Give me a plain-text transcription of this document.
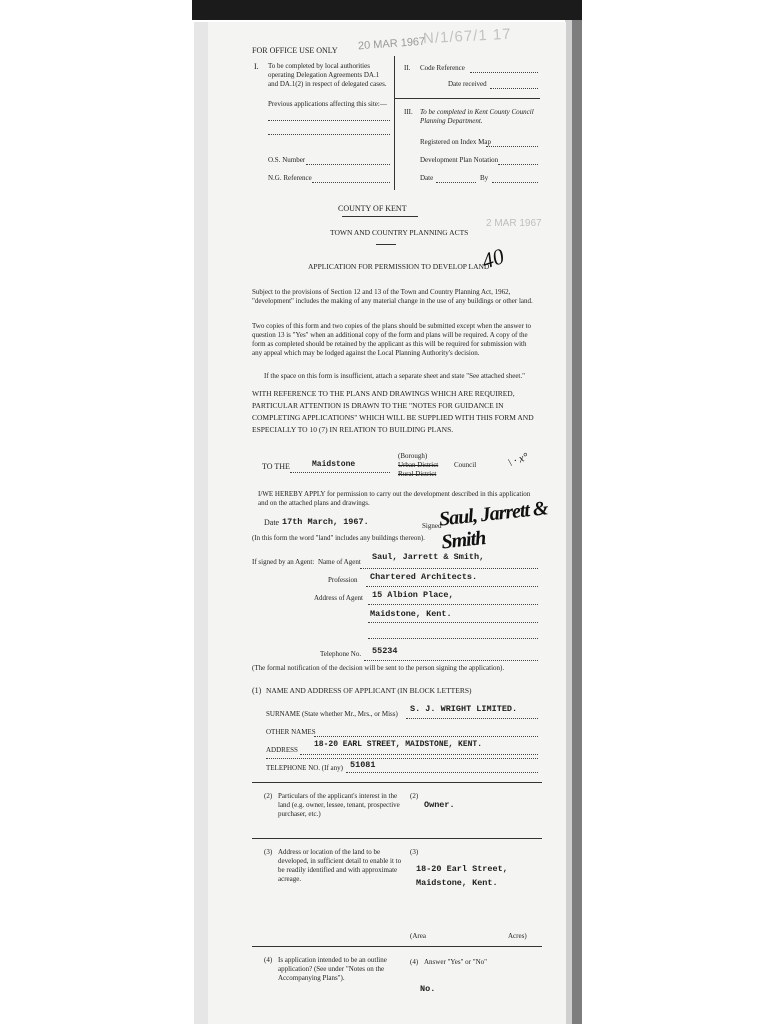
FOR OFFICE USE ONLY 20 MAR 1967
N/1/67/1 17
I. To be completed by local authorities operating Delegation Agreements DA.1 and DA.1(2) in respect of delegated cases.
Previous applications affecting this site:—
O.S. Number
N.G. Reference
II. Code Reference
Date received
III. To be completed in Kent County Council Planning Department.
Registered on Index Map
Development Plan Notation
Date	By
COUNTY OF KENT
2 MAR 1967
TOWN AND COUNTRY PLANNING ACTS
APPLICATION FOR PERMISSION TO DEVELOP LAND
40
Subject to the provisions of Section 12 and 13 of the Town and Country Planning Act, 1962, "development" includes the making of any material change in the use of any buildings or other land.
Two copies of this form and two copies of the plans should be submitted except when the answer to question 13 is "Yes" when an additional copy of the form and plans will be required. A copy of the form as completed should be retained by the applicant as this will be required for submission with any appeal which may be lodged against the Local Planning Authority's decision.
If the space on this form is insufficient, attach a separate sheet and state "See attached sheet."
WITH REFERENCE TO THE PLANS AND DRAWINGS WHICH ARE REQUIRED, PARTICULAR ATTENTION IS DRAWN TO THE "NOTES FOR GUIDANCE IN COMPLETING APPLICATIONS" WHICH WILL BE SUPPLIED WITH THIS FORM AND ESPECIALLY TO 10 (7) IN RELATION TO BUILDING PLANS.
TO THE	Maidstone
(Borough)
Urban District
Rural District
Council	\ · x°
I/WE HEREBY APPLY for permission to carry out the development described in this application and on the attached plans and drawings.
Date 17th March, 1967.	Signed
Saul, Jarrett & Smith
(In this form the word "land" includes any buildings thereon).
If signed by an Agent: Name of Agent Saul, Jarrett & Smith,
Profession Chartered Architects.
Address of Agent 15 Albion Place,
Maidstone, Kent.
Telephone No. 55234
(The formal notification of the decision will be sent to the person signing the application).
(1) NAME AND ADDRESS OF APPLICANT (IN BLOCK LETTERS)
SURNAME (State whether Mr., Mrs., or Miss) S. J. WRIGHT LIMITED.
OTHER NAMES
ADDRESS
18-20 EARL STREET, MAIDSTONE, KENT.
TELEPHONE NO. (If any) 51081
(2) Particulars of the applicant's interest in the land (e.g. owner, lessee, tenant, prospective purchaser, etc.)
(2)
Owner.
(3) Address or location of the land to be developed, in sufficient detail to enable it to be readily identified and with approximate acreage.
(3)
18-20 Earl Street,
Maidstone, Kent.
(Area	Acres)
(4) Is application intended to be an outline application? (See under "Notes on the Accompanying Plans").
(4) Answer "Yes" or "No"
No.
